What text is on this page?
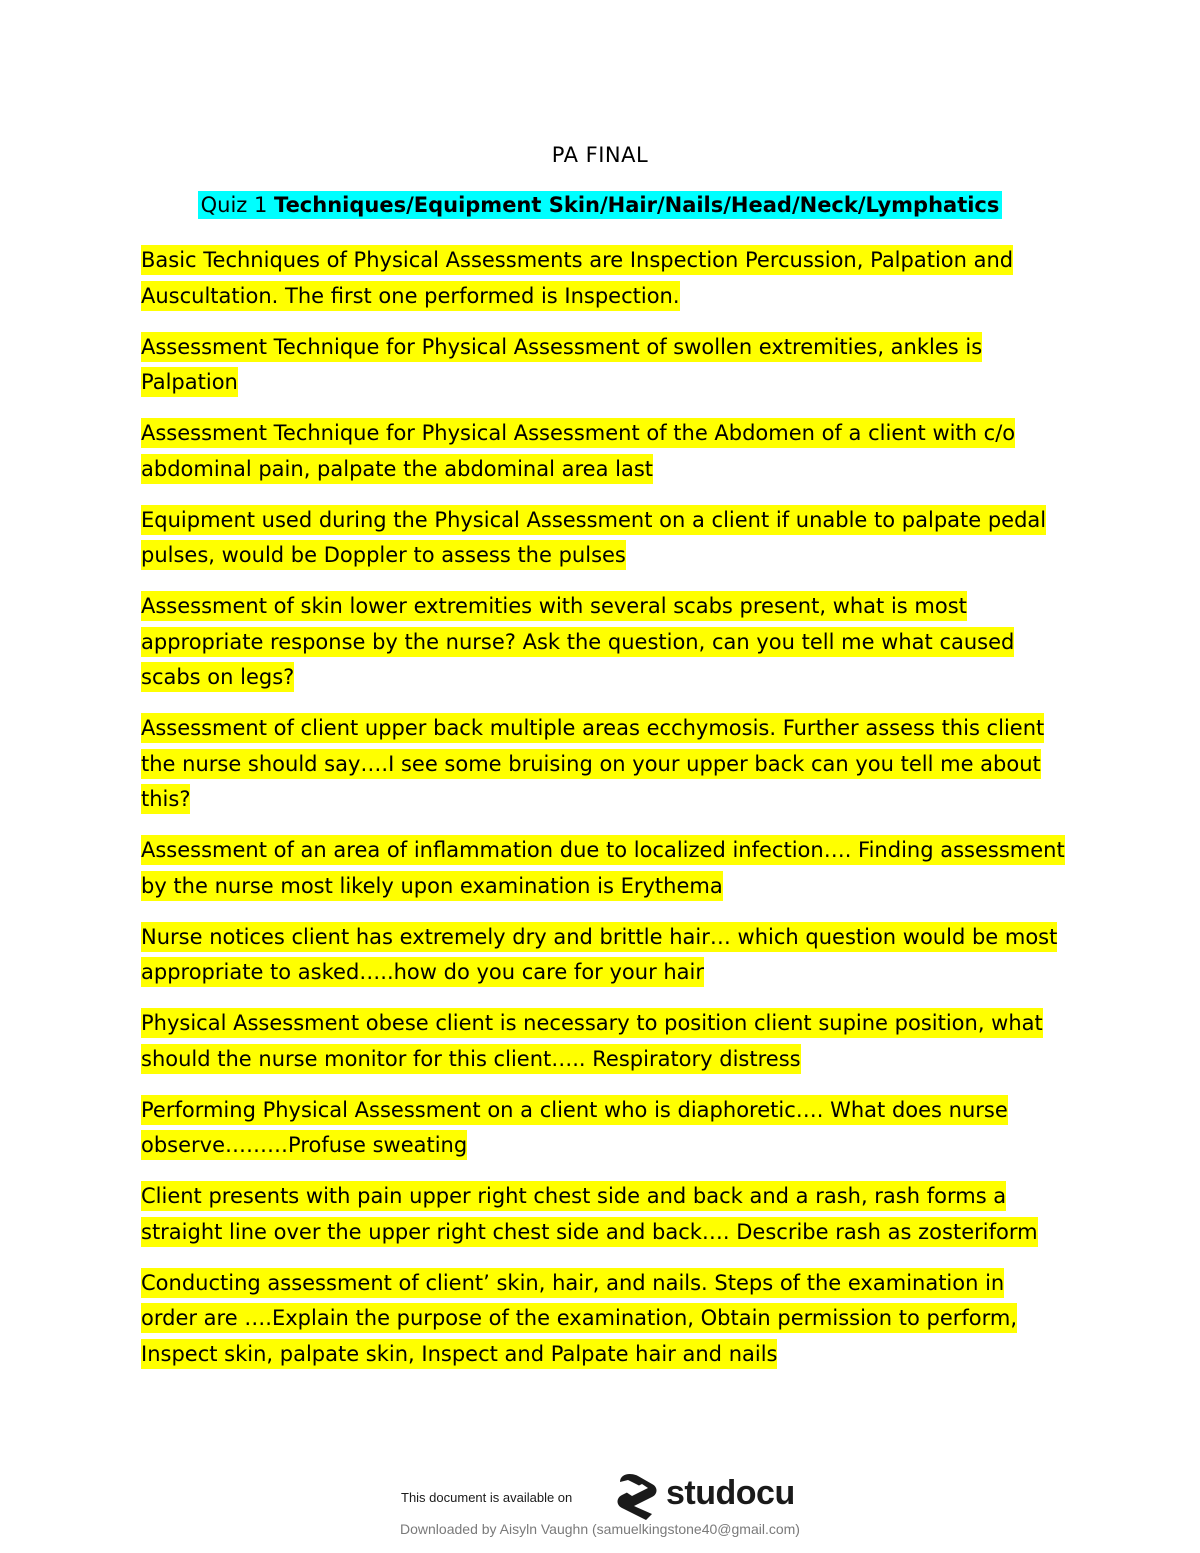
PA FINAL
Quiz 1 Techniques/Equipment Skin/Hair/Nails/Head/Neck/Lymphatics
Basic Techniques of Physical Assessments are Inspection Percussion, Palpation and Auscultation. The first one performed is Inspection.
Assessment Technique for Physical Assessment of swollen extremities, ankles is Palpation
Assessment Technique for Physical Assessment of the Abdomen of a client with c/o abdominal pain, palpate the abdominal area last
Equipment used during the Physical Assessment on a client if unable to palpate pedal pulses, would be Doppler to assess the pulses
Assessment of skin lower extremities with several scabs present, what is most appropriate response by the nurse? Ask the question, can you tell me what caused scabs on legs?
Assessment of client upper back multiple areas ecchymosis. Further assess this client the nurse should say….I see some bruising on your upper back can you tell me about this?
Assessment of an area of inflammation due to localized infection…. Finding assessment by the nurse most likely upon examination is Erythema
Nurse notices client has extremely dry and brittle hair… which question would be most appropriate to asked…..how do you care for your hair
Physical Assessment obese client is necessary to position client supine position, what should the nurse monitor for this client….. Respiratory distress
Performing Physical Assessment on a client who is diaphoretic…. What does nurse observe………Profuse sweating
Client presents with pain upper right chest side and back and a rash, rash forms a straight line over the upper right chest side and back…. Describe rash as zosteriform
Conducting assessment of client’ skin, hair, and nails. Steps of the examination in order are ….Explain the purpose of the examination, Obtain permission to perform, Inspect skin, palpate skin, Inspect and Palpate hair and nails
This document is available on	studocu
Downloaded by Aisyln Vaughn (samuelkingstone40@gmail.com)
